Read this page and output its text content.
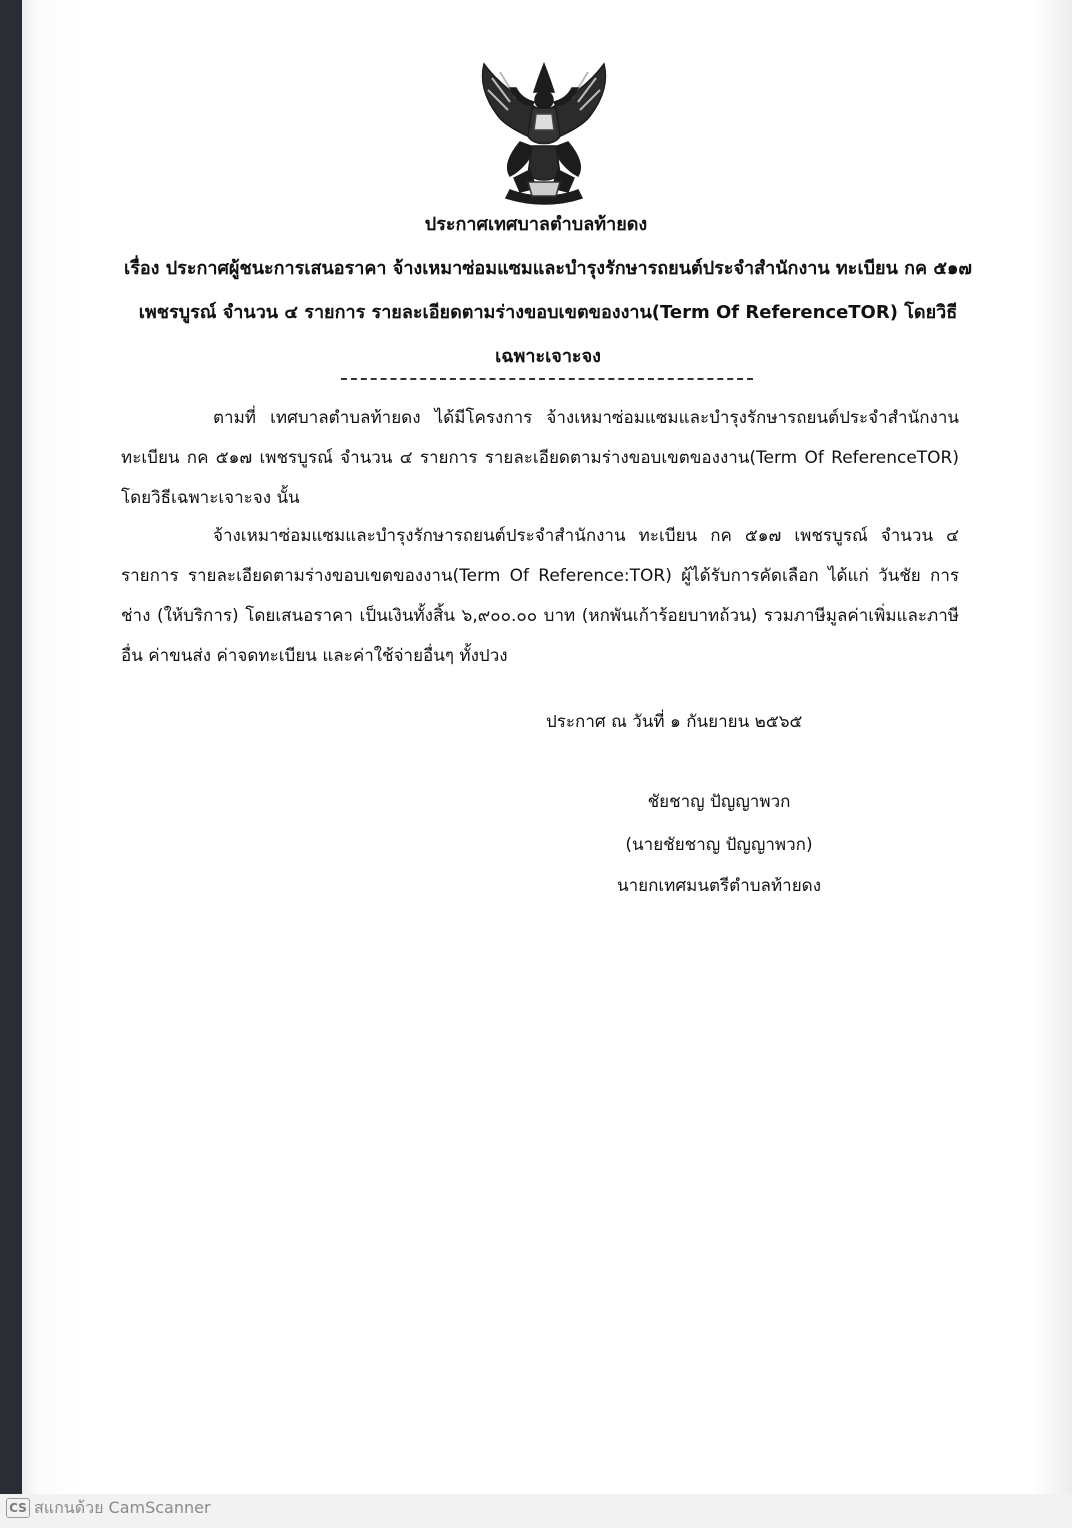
ประกาศเทศบาลตำบลท้ายดง

เรื่อง ประกาศผู้ชนะการเสนอราคา จ้างเหมาซ่อมแซมและบำรุงรักษารถยนต์ประจำสำนักงาน ทะเบียน กค ๕๑๗ เพชรบูรณ์ จำนวน ๔ รายการ รายละเอียดตามร่างขอบเขตของงาน(Term Of ReferenceTOR) โดยวิธีเฉพาะเจาะจง

ตามที่ เทศบาลตำบลท้ายดง ได้มีโครงการ จ้างเหมาซ่อมแซมและบำรุงรักษารถยนต์ประจำสำนักงาน ทะเบียน กค ๕๑๗ เพชรบูรณ์ จำนวน ๔ รายการ รายละเอียดตามร่างขอบเขตของงาน(Term Of ReferenceTOR) โดยวิธีเฉพาะเจาะจง นั้น

จ้างเหมาซ่อมแซมและบำรุงรักษารถยนต์ประจำสำนักงาน ทะเบียน กค ๕๑๗ เพชรบูรณ์ จำนวน ๔ รายการ รายละเอียดตามร่างขอบเขตของงาน(Term Of Reference:TOR) ผู้ได้รับการคัดเลือก ได้แก่ วันชัย การช่าง (ให้บริการ) โดยเสนอราคา เป็นเงินทั้งสิ้น ๖,๙๐๐.๐๐ บาท (หกพันเก้าร้อยบาทถ้วน) รวมภาษีมูลค่าเพิ่มและภาษีอื่น ค่าขนส่ง ค่าจดทะเบียน และค่าใช้จ่ายอื่นๆ ทั้งปวง

ประกาศ ณ วันที่ ๑ กันยายน ๒๕๖๕

ชัยชาญ ปัญญาพวก

(นายชัยชาญ ปัญญาพวก)

นายกเทศมนตรีตำบลท้ายดง

CS สแกนด้วย CamScanner
